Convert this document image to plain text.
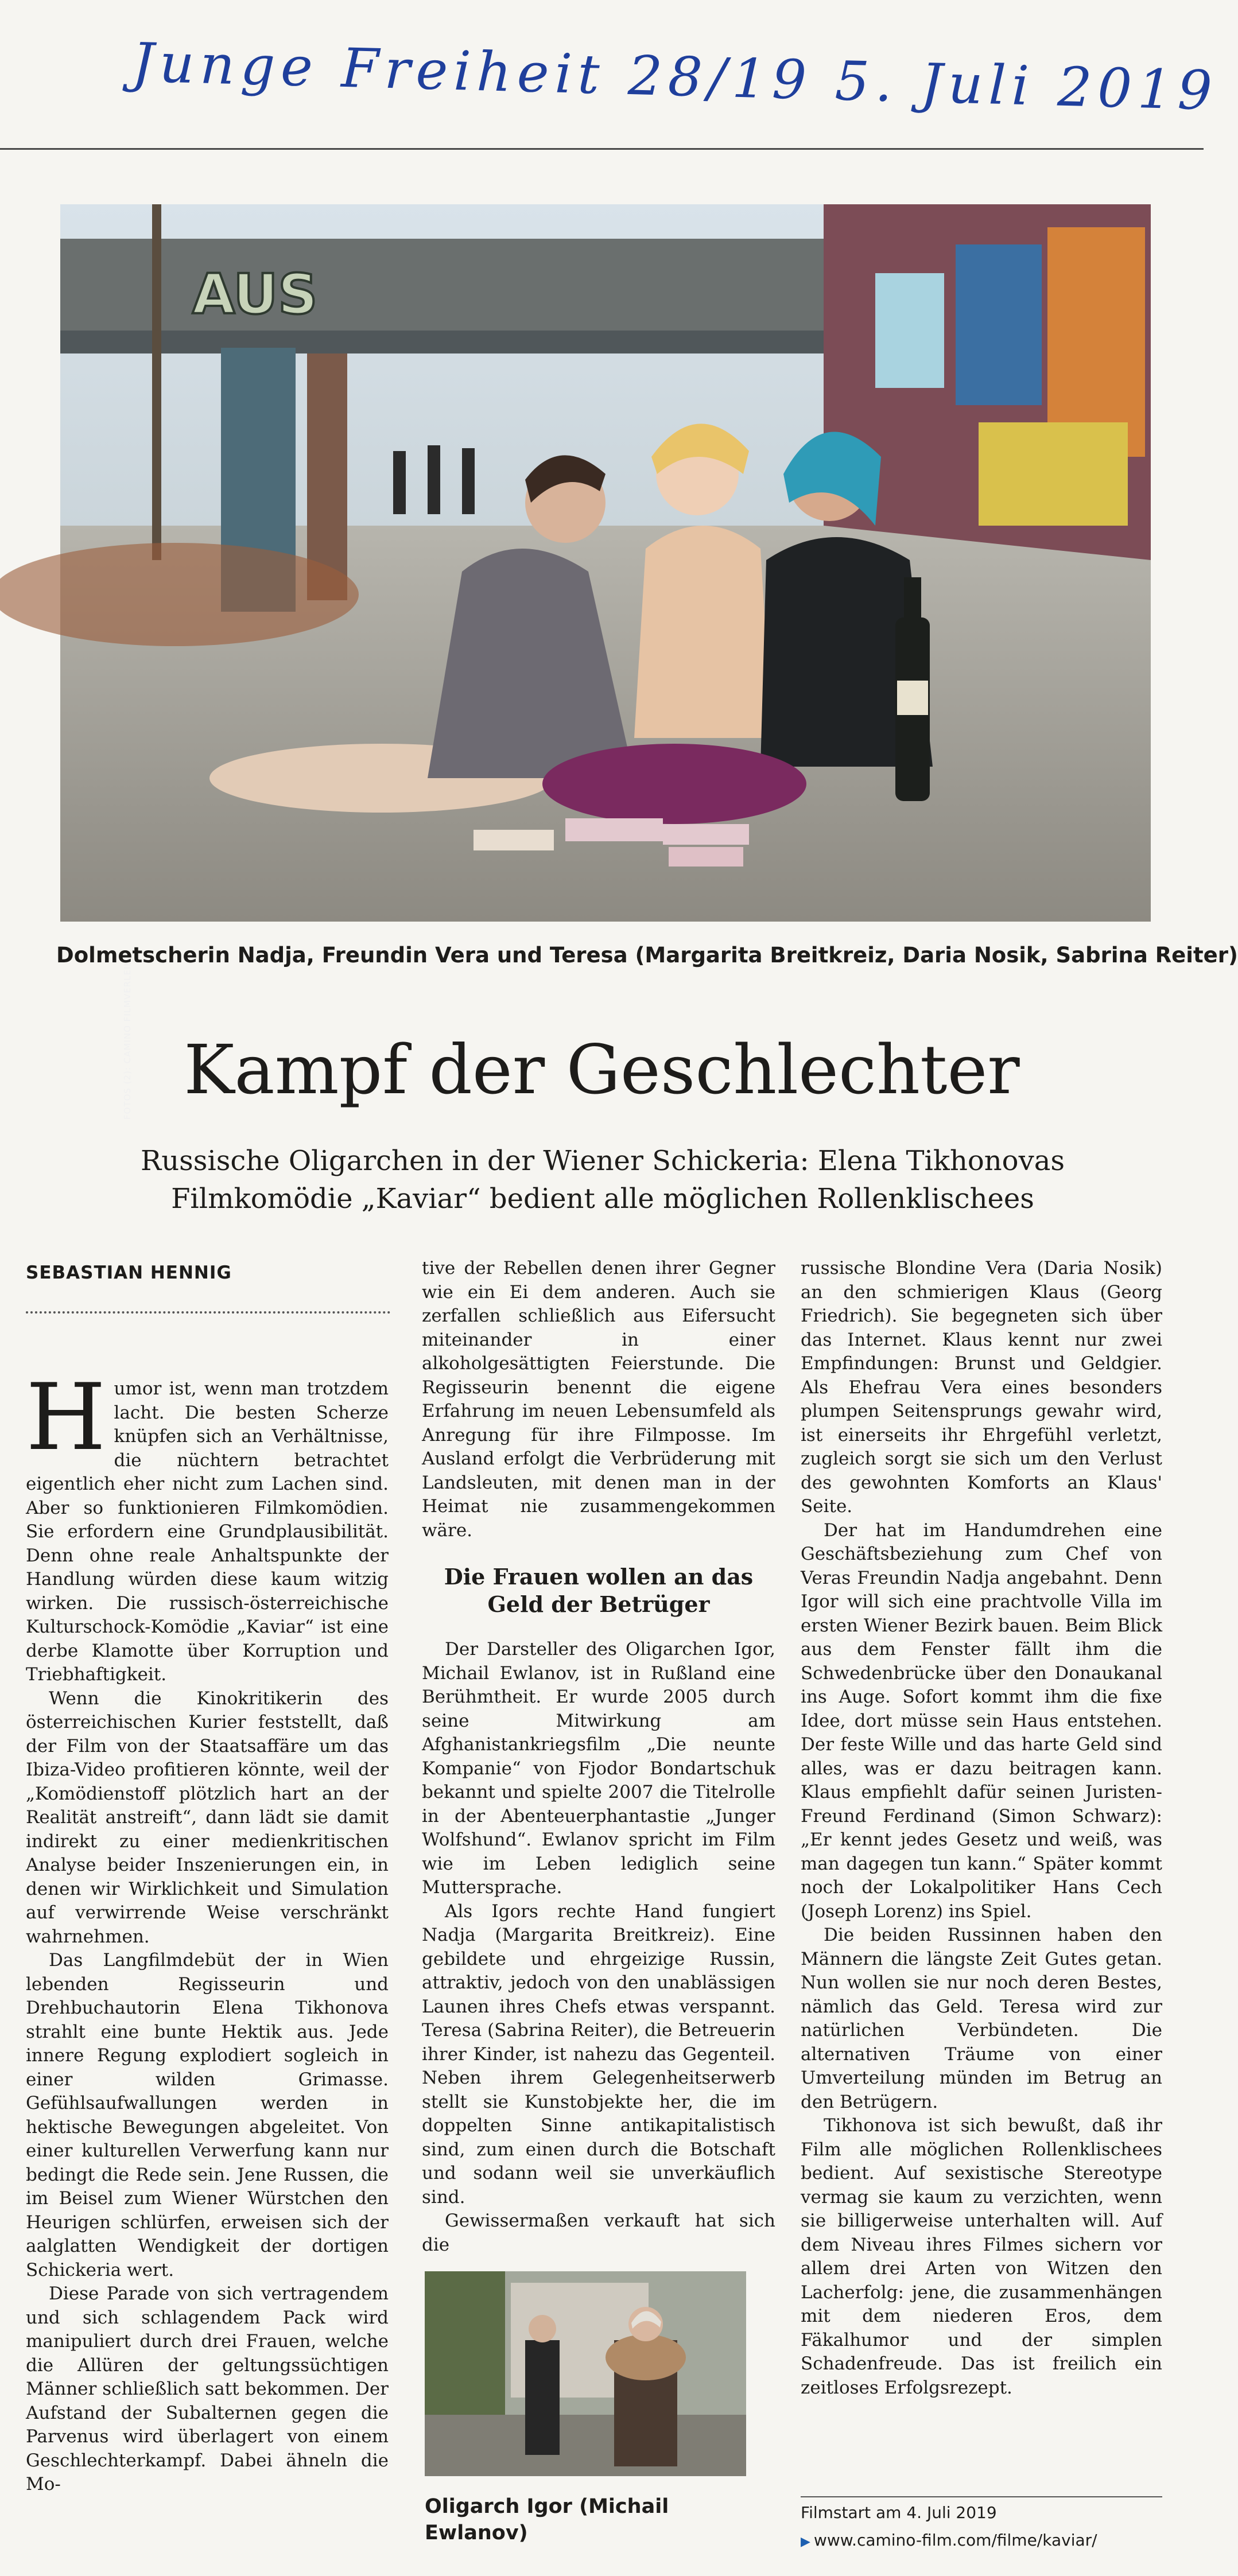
Junge Freiheit 28/19 5. Juli 2019
AUS
FOTOS (2): CAMINO FILMVERLEIH
Dolmetscherin Nadja, Freundin Vera und Teresa (Margarita Breitkreiz, Daria Nosik, Sabrina Reiter)
Kampf der Geschlechter
Russische Oligarchen in der Wiener Schickeria: Elena Tikhonovas Filmkomödie „Kaviar“ bedient alle möglichen Rollenklischees
SEBASTIAN HENNIG
H umor ist, wenn man trotzdem lacht. Die besten Scherze knüpfen sich an Verhältnisse, die nüchtern betrachtet eigentlich eher nicht zum Lachen sind. Aber so funktionieren Filmkomödien. Sie erfordern eine Grundplausibilität. Denn ohne reale Anhaltspunkte der Handlung würden diese kaum witzig wirken. Die russisch-österreichische Kulturschock-Komödie „Kaviar“ ist eine derbe Klamotte über Korruption und Triebhaftigkeit.

Wenn die Kinokritikerin des österreichischen Kurier feststellt, daß der Film von der Staatsaffäre um das Ibiza-Video profitieren könnte, weil der „Komödienstoff plötzlich hart an der Realität anstreift“, dann lädt sie damit indirekt zu einer medienkritischen Analyse beider Inszenierungen ein, in denen wir Wirklichkeit und Simulation auf verwirrende Weise verschränkt wahrnehmen.

Das Langfilmdebüt der in Wien lebenden Regisseurin und Drehbuchautorin Elena Tikhonova strahlt eine bunte Hektik aus. Jede innere Regung explodiert sogleich in einer wilden Grimasse. Gefühlsaufwallungen werden in hektische Bewegungen abgeleitet. Von einer kulturellen Verwerfung kann nur bedingt die Rede sein. Jene Russen, die im Beisel zum Wiener Würstchen den Heurigen schlürfen, erweisen sich der aalglatten Wendigkeit der dortigen Schickeria wert.

Diese Parade von sich vertragendem und sich schlagendem Pack wird manipuliert durch drei Frauen, welche die Allüren der geltungssüchtigen Männer schließlich satt bekommen. Der Aufstand der Subalternen gegen die Parvenus wird überlagert von einem Geschlechterkampf. Dabei ähneln die Mo-

tive der Rebellen denen ihrer Gegner wie ein Ei dem anderen. Auch sie zerfallen schließlich aus Eifersucht miteinander in einer alkoholgesättigten Feierstunde. Die Regisseurin benennt die eigene Erfahrung im neuen Lebensumfeld als Anregung für ihre Filmposse. Im Ausland erfolgt die Verbrüderung mit Landsleuten, mit denen man in der Heimat nie zusammengekommen wäre.

Die Frauen wollen an das Geld der Betrüger

Der Darsteller des Oligarchen Igor, Michail Ewlanov, ist in Rußland eine Berühmtheit. Er wurde 2005 durch seine Mitwirkung am Afghanistankriegsfilm „Die neunte Kompanie“ von Fjodor Bondartschuk bekannt und spielte 2007 die Titelrolle in der Abenteuerphantastie „Junger Wolfshund“. Ewlanov spricht im Film wie im Leben lediglich seine Muttersprache.

Als Igors rechte Hand fungiert Nadja (Margarita Breitkreiz). Eine gebildete und ehrgeizige Russin, attraktiv, jedoch von den unablässigen Launen ihres Chefs etwas verspannt. Teresa (Sabrina Reiter), die Betreuerin ihrer Kinder, ist nahezu das Gegenteil. Neben ihrem Gelegenheitserwerb stellt sie Kunstobjekte her, die im doppelten Sinne antikapitalistisch sind, zum einen durch die Botschaft und sodann weil sie unverkäuflich sind.

Gewissermaßen verkauft hat sich die

Oligarch Igor (Michail Ewlanov)

russische Blondine Vera (Daria Nosik) an den schmierigen Klaus (Georg Friedrich). Sie begegneten sich über das Internet. Klaus kennt nur zwei Empfindungen: Brunst und Geldgier. Als Ehefrau Vera eines besonders plumpen Seitensprungs gewahr wird, ist einerseits ihr Ehrgefühl verletzt, zugleich sorgt sie sich um den Verlust des gewohnten Komforts an Klaus' Seite.

Der hat im Handumdrehen eine Geschäftsbeziehung zum Chef von Veras Freundin Nadja angebahnt. Denn Igor will sich eine prachtvolle Villa im ersten Wiener Bezirk bauen. Beim Blick aus dem Fenster fällt ihm die Schwedenbrücke über den Donaukanal ins Auge. Sofort kommt ihm die fixe Idee, dort müsse sein Haus entstehen. Der feste Wille und das harte Geld sind alles, was er dazu beitragen kann. Klaus empfiehlt dafür seinen Juristen-Freund Ferdinand (Simon Schwarz): „Er kennt jedes Gesetz und weiß, was man dagegen tun kann.“ Später kommt noch der Lokalpolitiker Hans Cech (Joseph Lorenz) ins Spiel.

Die beiden Russinnen haben den Männern die längste Zeit Gutes getan. Nun wollen sie nur noch deren Bestes, nämlich das Geld. Teresa wird zur natürlichen Verbündeten. Die alternativen Träume von einer Umverteilung münden im Betrug an den Betrügern.

Tikhonova ist sich bewußt, daß ihr Film alle möglichen Rollenklischees bedient. Auf sexistische Stereotype vermag sie kaum zu verzichten, wenn sie billigerweise unterhalten will. Auf dem Niveau ihres Filmes sichern vor allem drei Arten von Witzen den Lacherfolg: jene, die zusammenhängen mit dem niederen Eros, dem Fäkalhumor und der simplen Schadenfreude. Das ist freilich ein zeitloses Erfolgsrezept.

Filmstart am 4. Juli 2019
▶ www.camino-film.com/filme/kaviar/
